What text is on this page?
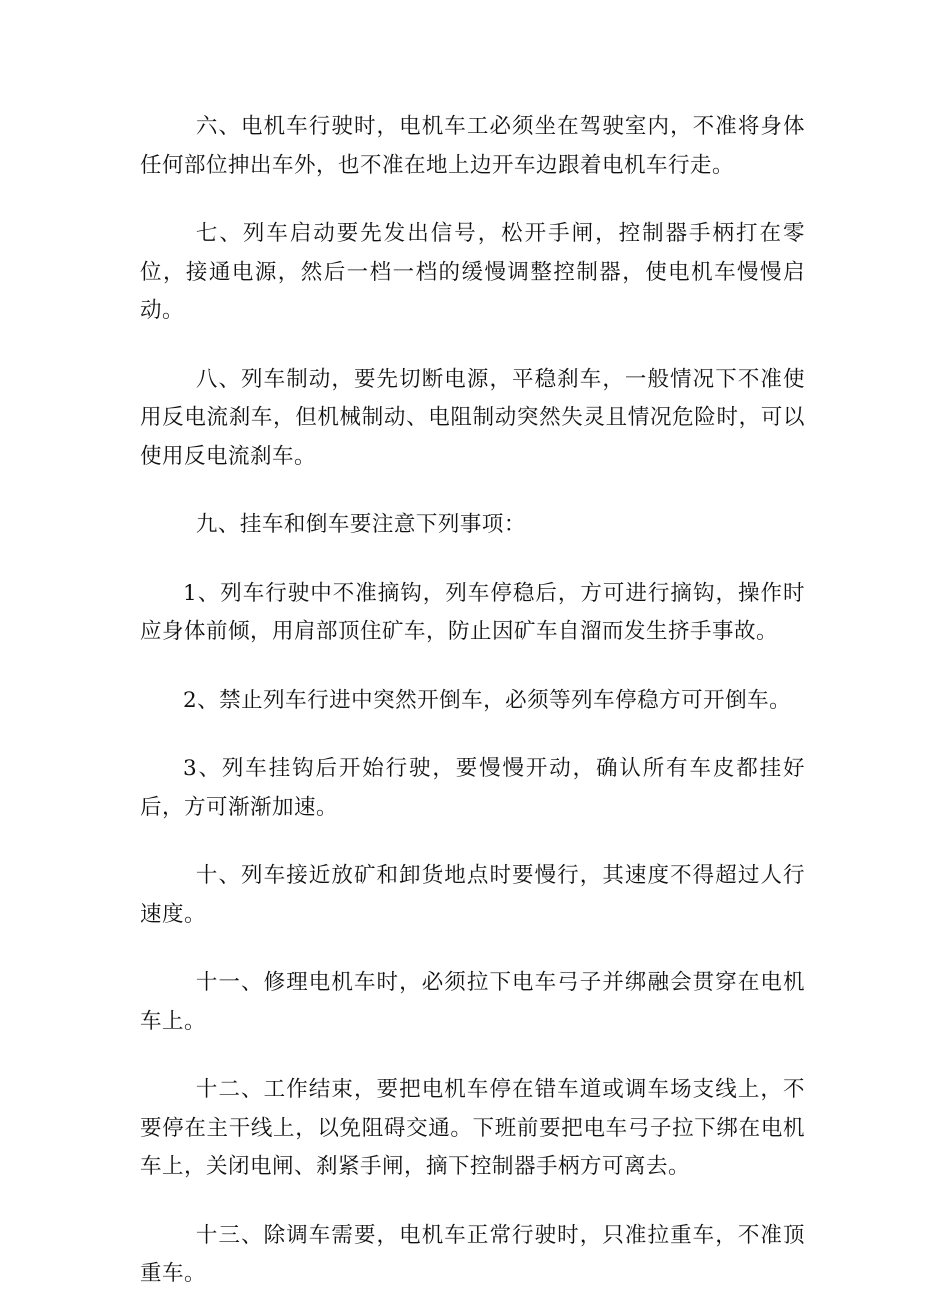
六、电机车行驶时，电机车工必须坐在驾驶室内，不准将身体任何部位抻出车外，也不准在地上边开车边跟着电机车行走。

七、列车启动要先发出信号，松开手闸，控制器手柄打在零位，接通电源，然后一档一档的缓慢调整控制器，使电机车慢慢启动。

八、列车制动，要先切断电源，平稳刹车，一般情况下不准使用反电流刹车，但机械制动、电阻制动突然失灵且情况危险时，可以使用反电流刹车。

九、挂车和倒车要注意下列事项：

1、列车行驶中不准摘钩，列车停稳后，方可进行摘钩，操作时应身体前倾，用肩部顶住矿车，防止因矿车自溜而发生挤手事故。

2、禁止列车行进中突然开倒车，必须等列车停稳方可开倒车。

3、列车挂钩后开始行驶，要慢慢开动，确认所有车皮都挂好后，方可渐渐加速。

十、列车接近放矿和卸货地点时要慢行，其速度不得超过人行速度。

十一、修理电机车时，必须拉下电车弓子并绑融会贯穿在电机车上。

十二、工作结束，要把电机车停在错车道或调车场支线上，不要停在主干线上，以免阻碍交通。下班前要把电车弓子拉下绑在电机车上，关闭电闸、刹紧手闸，摘下控制器手柄方可离去。

十三、除调车需要，电机车正常行驶时，只准拉重车，不准顶重车。
